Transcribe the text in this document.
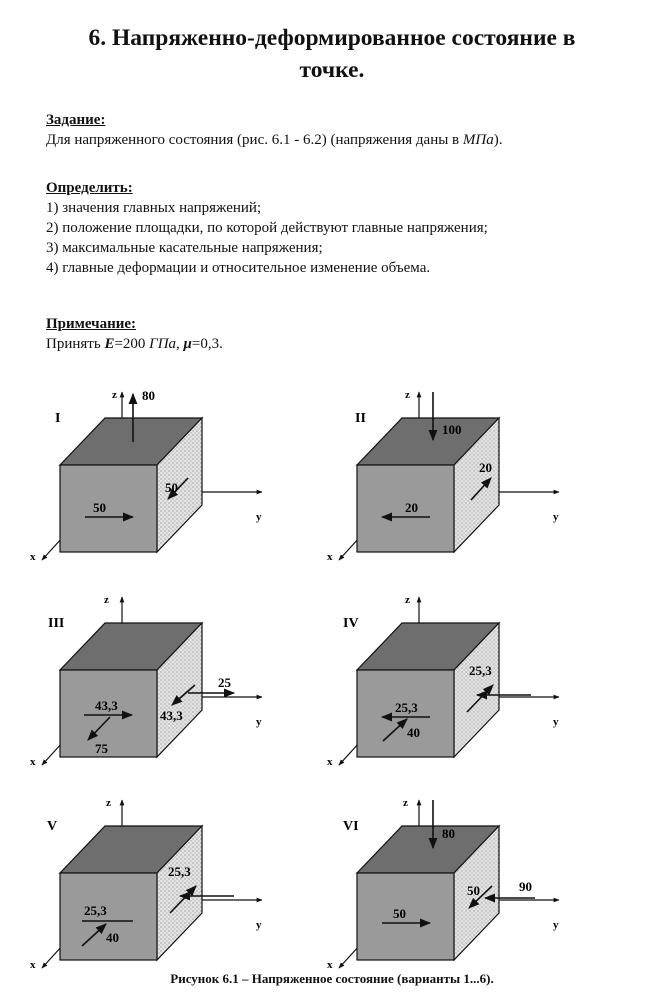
6. Напряженно-деформированное состояние в
точке.
Задание:
Для напряженного состояния (рис. 6.1 - 6.2) (напряжения даны в МПа).
Определить:
1) значения главных напряжений;
2) положение площадки, по которой действуют главные напряжения;
3) максимальные касательные напряжения;
4) главные деформации и относительное изменение объема.
Примечание:
Принять E=200 ГПа, μ=0,3.
I
z
y
x
80
50
50
II
z
y
x
100
20
20
III
z
y
x
43,3
75
43,3
25
IV
z
y
x
25,3
25,3
40
V
z
y
x
25,3
25,3
40
VI
z
y
x
80
50	90
50
Рисунок 6.1 – Напряженное состояние (варианты 1...6).
